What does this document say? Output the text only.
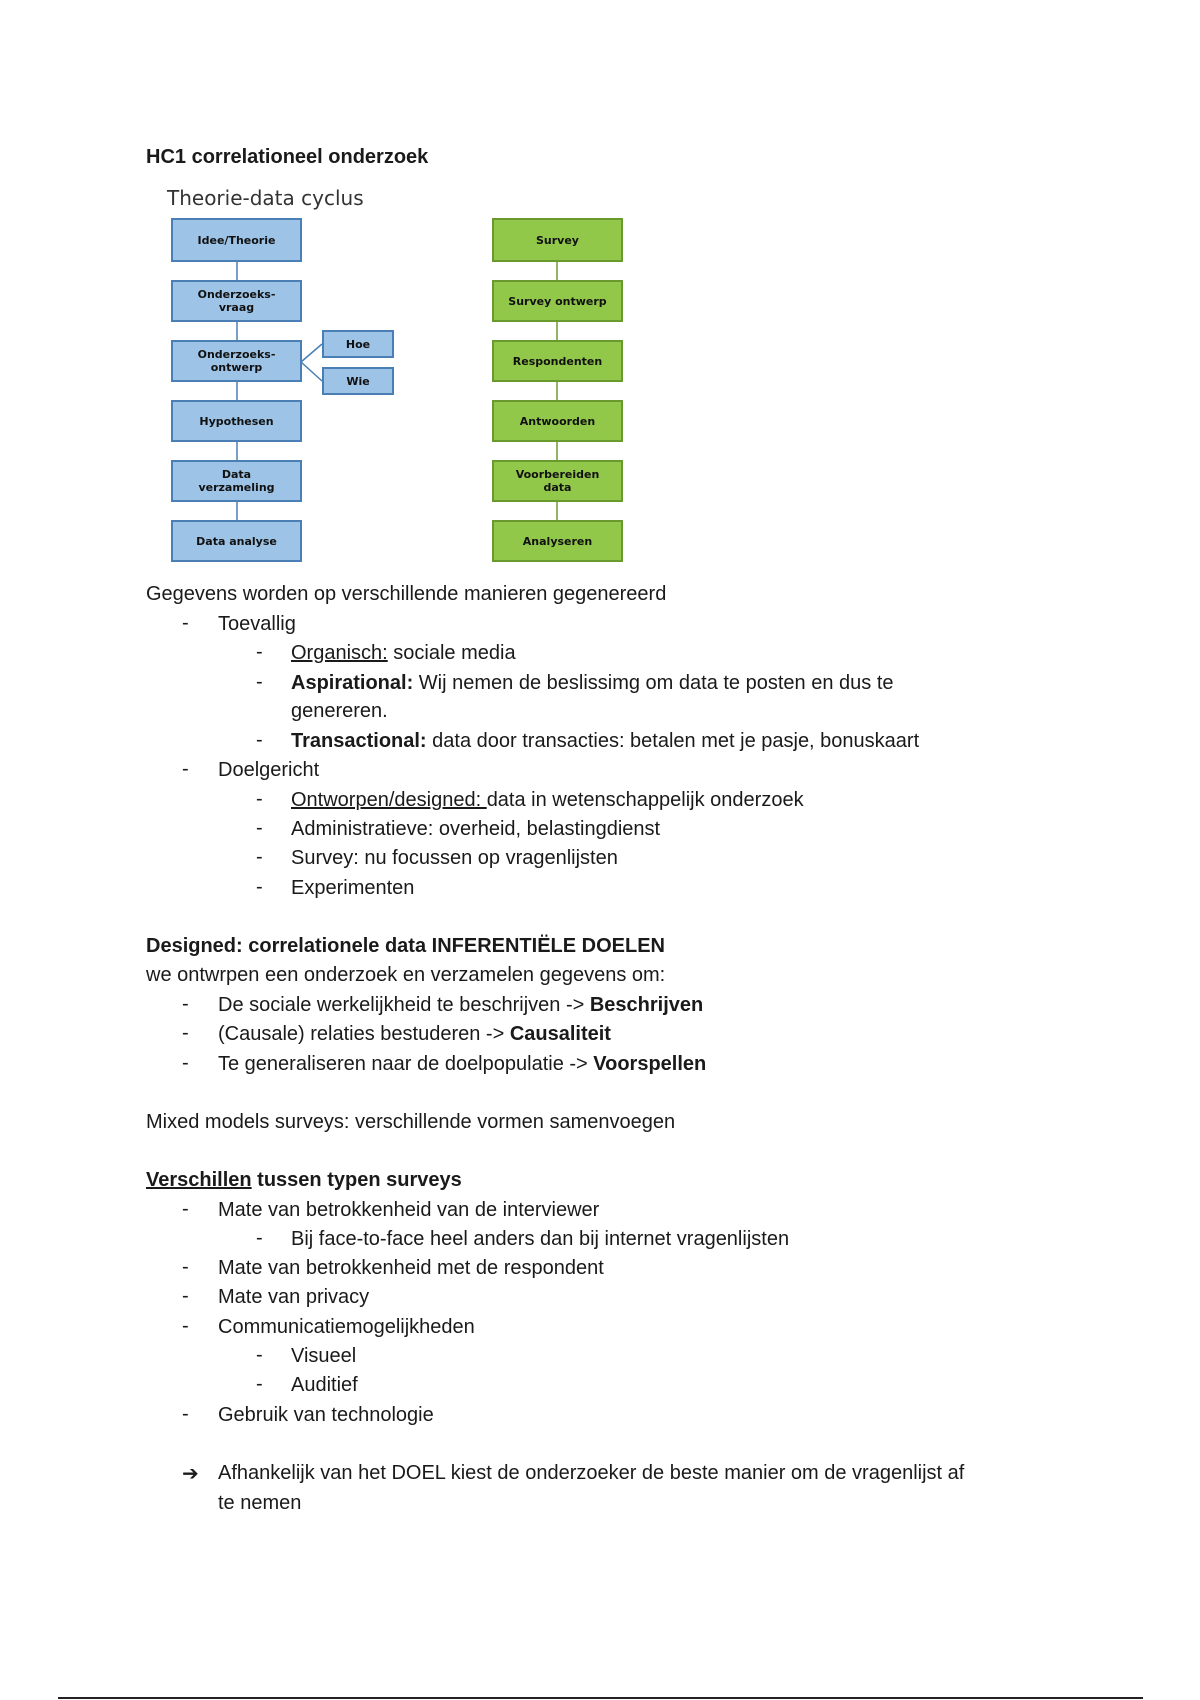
HC1 correlationeel onderzoek
Theorie-data cyclus
Idee/Theorie
Onderzoeks-
vraag
Onderzoeks-
ontwerp
Hypothesen
Data
verzameling
Data analyse
Hoe
Wie
Survey
Survey ontwerp
Respondenten
Antwoorden
Voorbereiden
data
Analyseren
Gegevens worden op verschillende manieren gegenereerd
- Toevallig
- Organisch: sociale media
- Aspirational: Wij nemen de beslissimg om data te posten en dus te
genereren.
- Transactional: data door transacties: betalen met je pasje, bonuskaart
- Doelgericht
- Ontworpen/designed: data in wetenschappelijk onderzoek
- Administratieve: overheid, belastingdienst
- Survey: nu focussen op vragenlijsten
- Experimenten
Designed: correlationele data INFERENTIËLE DOELEN
we ontwrpen een onderzoek en verzamelen gegevens om:
- De sociale werkelijkheid te beschrijven -> Beschrijven
- (Causale) relaties bestuderen -> Causaliteit
- Te generaliseren naar de doelpopulatie -> Voorspellen
Mixed models surveys: verschillende vormen samenvoegen
Verschillen tussen typen surveys
- Mate van betrokkenheid van de interviewer
- Bij face-to-face heel anders dan bij internet vragenlijsten
- Mate van betrokkenheid met de respondent
- Mate van privacy
- Communicatiemogelijkheden
- Visueel
- Auditief
- Gebruik van technologie
➔ Afhankelijk van het DOEL kiest de onderzoeker de beste manier om de vragenlijst af
te nemen
